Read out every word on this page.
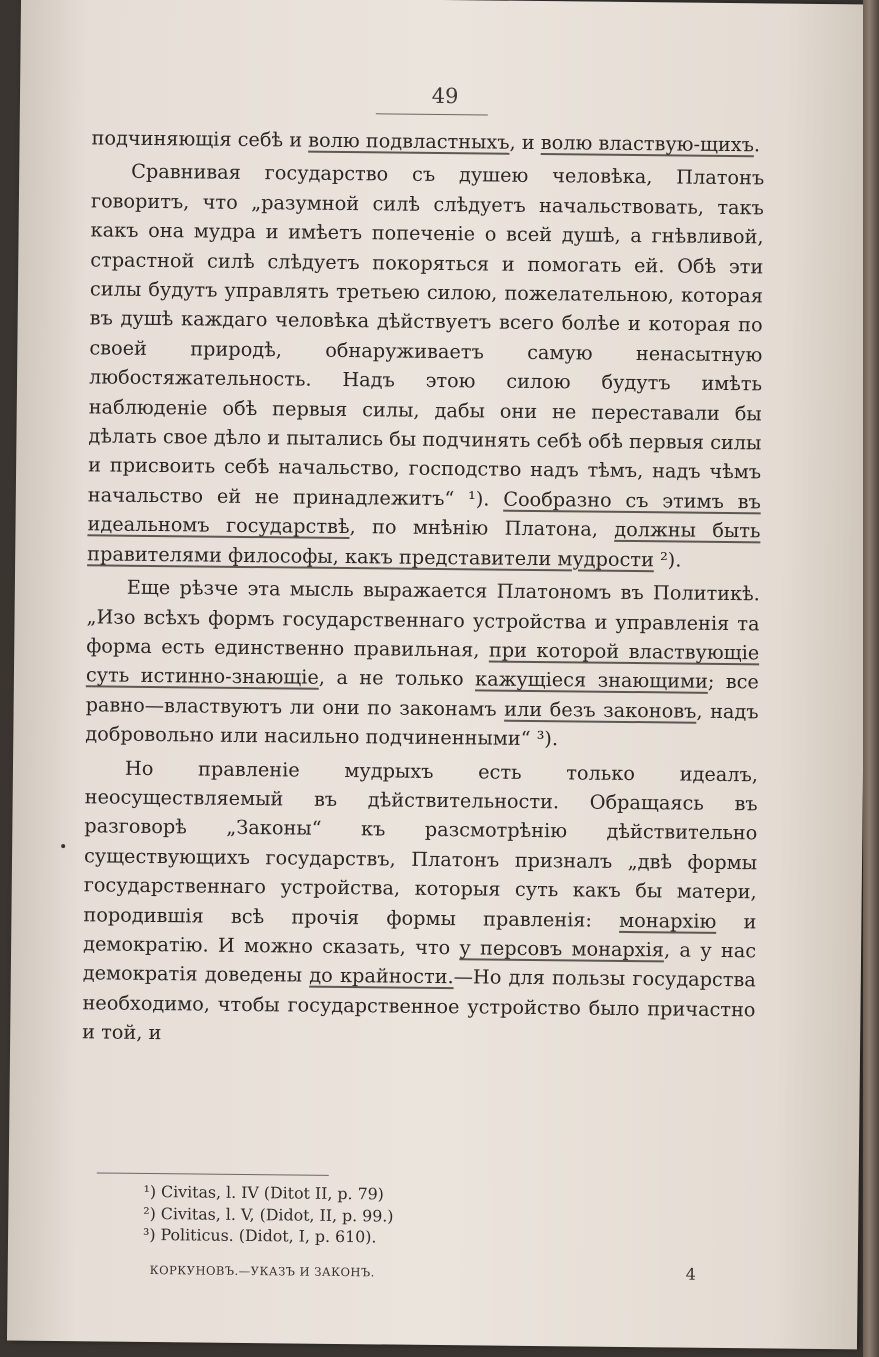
49

подчиняющія себѣ и волю подвластныхъ, и волю властвую-щихъ.

Сравнивая государство съ душею человѣка, Платонъ говоритъ, что „разумной силѣ слѣдуетъ начальствовать, такъ какъ она мудра и имѣетъ попеченіе о всей душѣ, а гнѣвливой, страстной силѣ слѣдуетъ покоряться и помогать ей. Обѣ эти силы будутъ управлять третьею силою, пожелательною, которая въ душѣ каждаго человѣка дѣйствуетъ всего болѣе и которая по своей природѣ, обнаруживаетъ самую ненасытную любостяжательность. Надъ этою силою будутъ имѣть наблюденіе обѣ первыя силы, дабы они не переставали бы дѣлать свое дѣло и пытались бы подчинять себѣ обѣ первыя силы и присвоить себѣ начальство, господство надъ тѣмъ, надъ чѣмъ начальство ей не принадлежитъ“ ¹). Сообразно съ этимъ въ идеальномъ государствѣ, по мнѣнію Платона, должны быть правителями философы, какъ представители мудрости ²).

Еще рѣзче эта мысль выражается Платономъ въ Политикѣ. „Изо всѣхъ формъ государственнаго устройства и управленія та форма есть единственно правильная, при которой властвующіе суть истинно-знающіе, а не только кажущіеся знающими; все равно—властвуютъ ли они по законамъ или безъ законовъ, надъ добровольно или насильно подчиненными“ ³).

Но правленіе мудрыхъ есть только идеалъ, неосуществляемый въ дѣйствительности. Обращаясь въ разговорѣ „Законы“ къ разсмотрѣнію дѣйствительно существующихъ государствъ, Платонъ призналъ „двѣ формы государственнаго устройства, которыя суть какъ бы матери, породившія всѣ прочія формы правленія: монархію и демократію. И можно сказать, что у персовъ монархія, а у нас демократія доведены до крайности.—Но для пользы государства необходимо, чтобы государственное устройство было причастно и той, и

¹) Civitas, l. IV (Ditot II, p. 79)
²) Civitas, l. V, (Didot, II, p. 99.)
³) Politicus. (Didot, I, p. 610).
КОРКУНОВЪ.—УКАЗЪ И ЗАКОНЪ.	4
